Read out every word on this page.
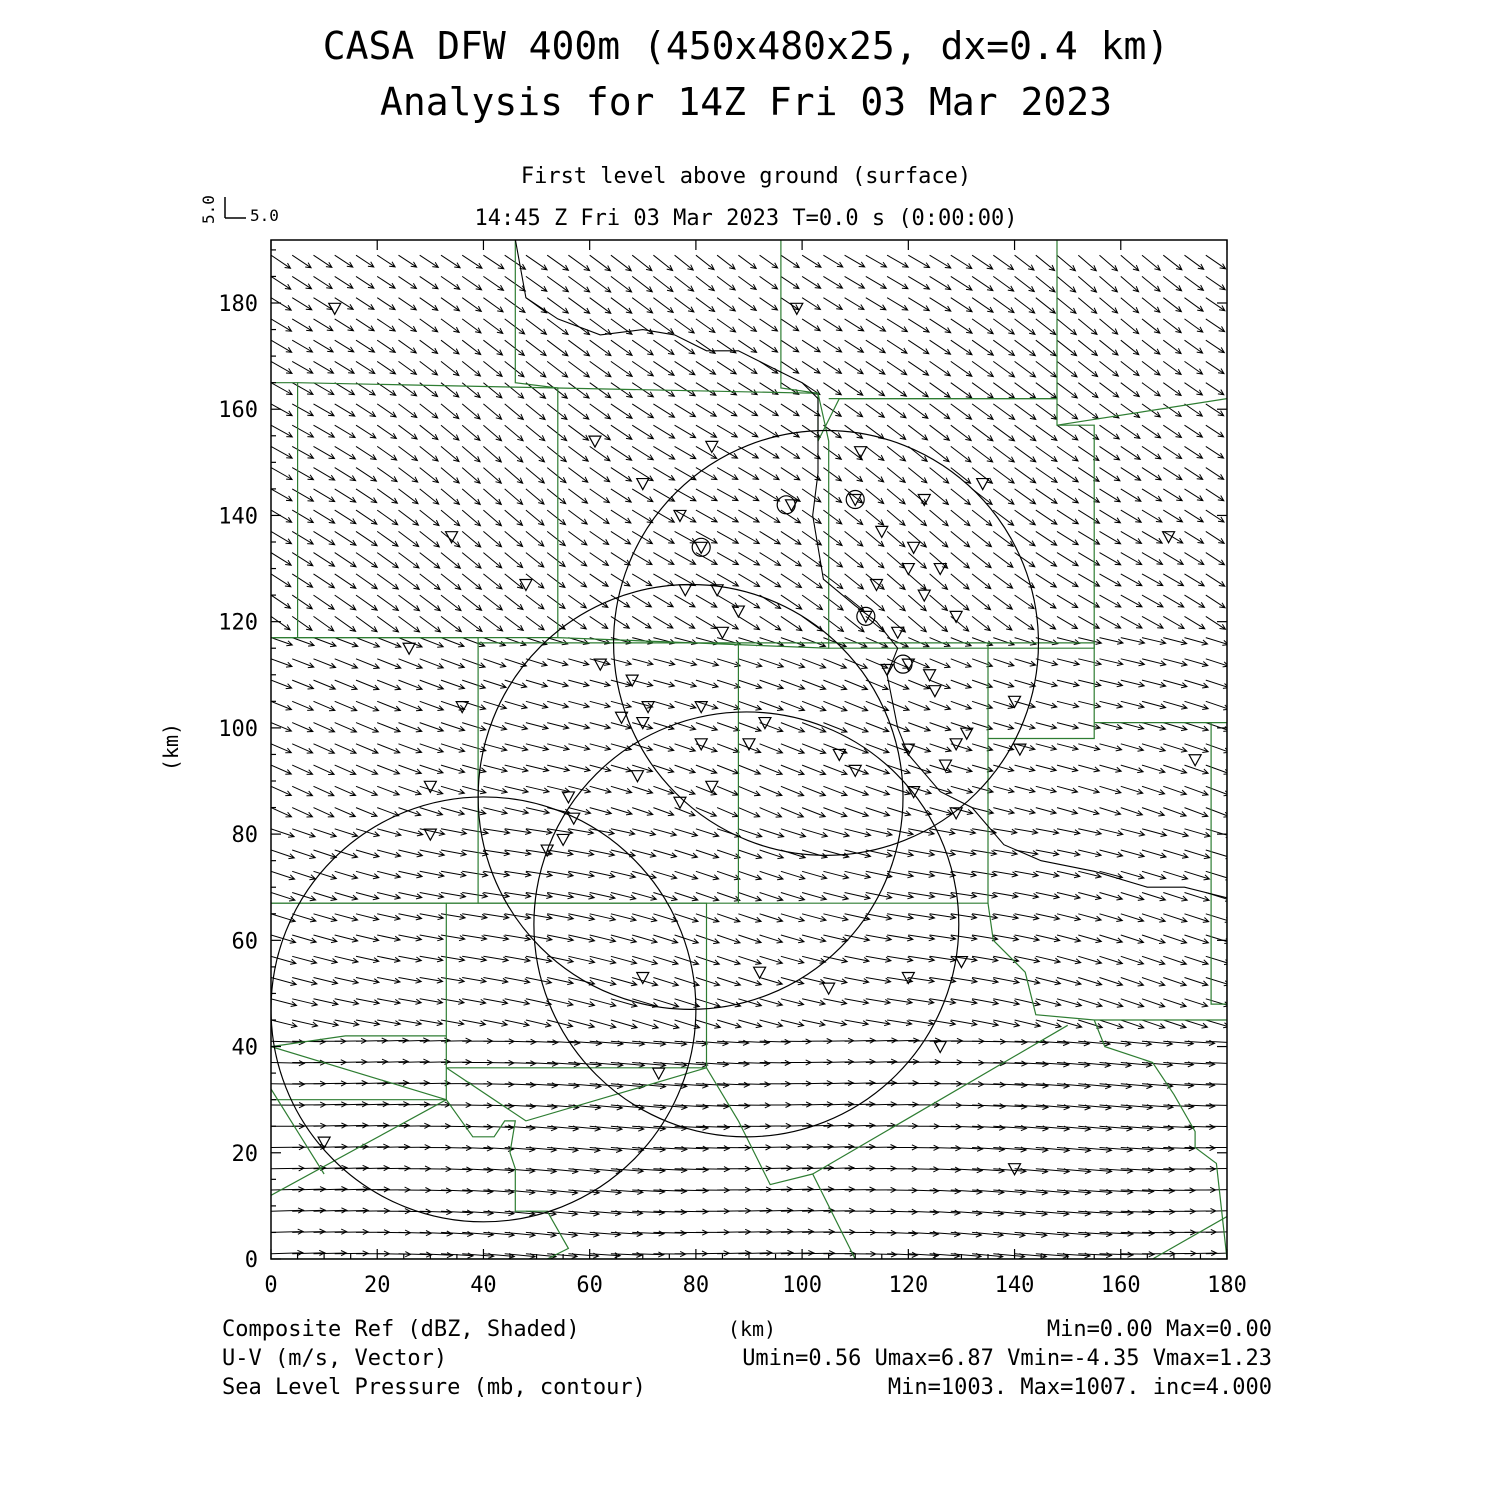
CASA DFW 400m (450x480x25, dx=0.4 km)
Analysis for 14Z Fri 03 Mar 2023
First level above ground (surface)
14:45 Z Fri 03 Mar 2023 T=0.0 s (0:00:00)
5.0
5.0
(km)
0	20	40	60	80	100	120	140	160	180
0
20
40
60
80
100
120
140
160
180
Composite Ref (dBZ, Shaded)
U-V (m/s, Vector)
Sea Level Pressure (mb, contour)
(km)	Min=0.00 Max=0.00
Umin=0.56 Umax=6.87 Vmin=-4.35 Vmax=1.23
Min=1003. Max=1007. inc=4.000
